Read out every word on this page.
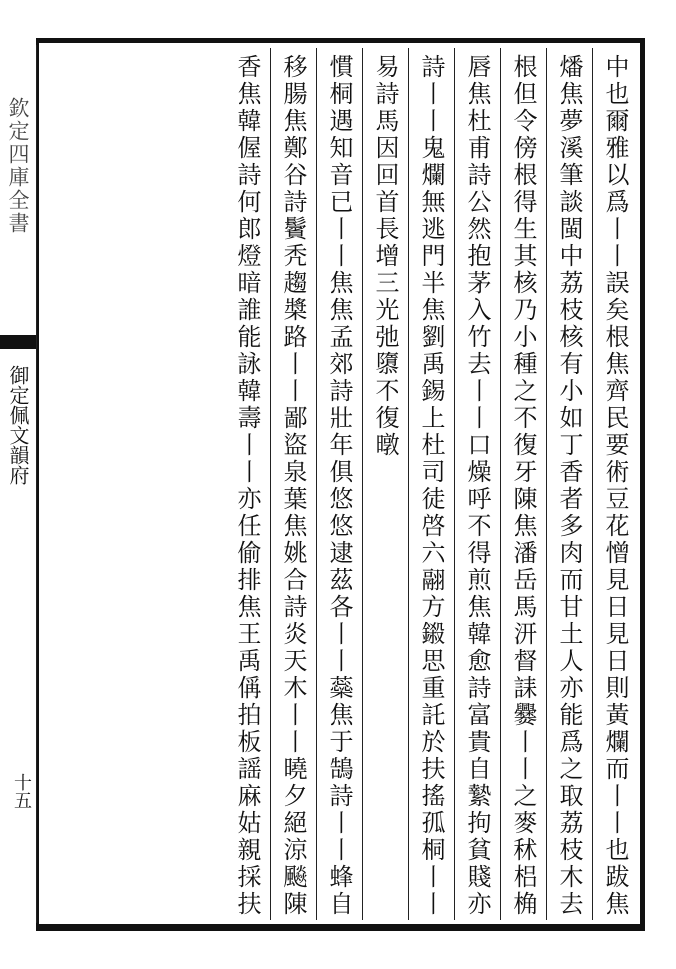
欽定四庫全書
御定佩文韻府
十五
中也爾雅以爲丨丨誤矣根焦齊民要術豆花憎見日見日則黃爛而丨丨也跋焦
燔焦夢溪筆談閩中荔枝核有小如丁香者多肉而甘土人亦能爲之取荔枝木去
根但令傍根得生其核乃小種之不復牙陳焦潘岳馬汧督誄爨丨丨之麥秫梠桷
唇焦杜甫詩公然抱茅入竹去丨丨口燥呼不得煎焦韓愈詩富貴自縶拘貧賤亦
詩丨丨鬼爛無逃門半焦劉禹錫上杜司徒啓六翮方鎩思重託於扶搖孤桐丨丨
易詩馬因回首長增三光弛隳不復暾
慣桐遇知音已丨丨焦焦孟郊詩壯年俱悠悠逮茲各丨丨蘂焦于鵠詩丨丨蜂自
移腸焦鄭谷詩鬢秃趨槳路丨丨鄙盜泉葉焦姚合詩炎天木丨丨曉夕絕涼飈陳
香焦韓偓詩何郎燈暗誰能詠韓壽丨丨亦任偷排焦王禹偁拍板謡麻姑親採扶
